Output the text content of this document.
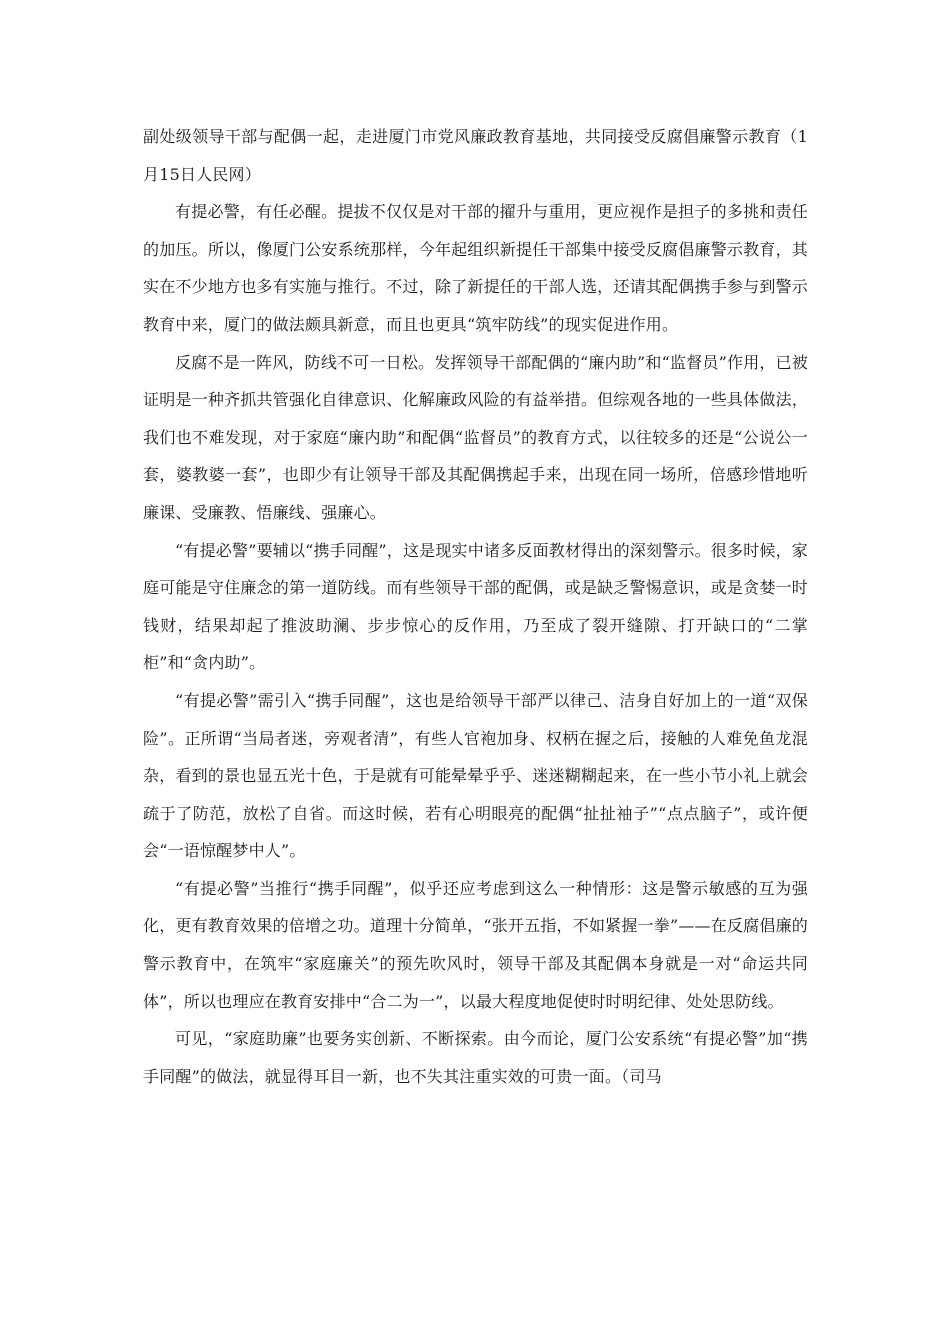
副处级领导干部与配偶一起，走进厦门市党风廉政教育基地，共同接受反腐倡廉警示教育（1月15日人民网）

有提必警，有任必醒。提拔不仅仅是对干部的擢升与重用，更应视作是担子的多挑和责任的加压。所以，像厦门公安系统那样，今年起组织新提任干部集中接受反腐倡廉警示教育，其实在不少地方也多有实施与推行。不过，除了新提任的干部人选，还请其配偶携手参与到警示教育中来，厦门的做法颇具新意，而且也更具“筑牢防线”的现实促进作用。

反腐不是一阵风，防线不可一日松。发挥领导干部配偶的“廉内助”和“监督员”作用，已被证明是一种齐抓共管强化自律意识、化解廉政风险的有益举措。但综观各地的一些具体做法，我们也不难发现，对于家庭“廉内助”和配偶“监督员”的教育方式，以往较多的还是“公说公一套，婆教婆一套”，也即少有让领导干部及其配偶携起手来，出现在同一场所，倍感珍惜地听廉课、受廉教、悟廉线、强廉心。

“有提必警”要辅以“携手同醒”，这是现实中诸多反面教材得出的深刻警示。很多时候，家庭可能是守住廉念的第一道防线。而有些领导干部的配偶，或是缺乏警惕意识，或是贪婪一时钱财，结果却起了推波助澜、步步惊心的反作用，乃至成了裂开缝隙、打开缺口的“二掌柜”和“贪内助”。

“有提必警”需引入“携手同醒”，这也是给领导干部严以律己、洁身自好加上的一道“双保险”。正所谓“当局者迷，旁观者清”，有些人官袍加身、权柄在握之后，接触的人难免鱼龙混杂，看到的景也显五光十色，于是就有可能晕晕乎乎、迷迷糊糊起来，在一些小节小礼上就会疏于了防范，放松了自省。而这时候，若有心明眼亮的配偶“扯扯袖子”“点点脑子”，或许便会“一语惊醒梦中人”。

“有提必警”当推行“携手同醒”，似乎还应考虑到这么一种情形：这是警示敏感的互为强化，更有教育效果的倍增之功。道理十分简单，“张开五指，不如紧握一拳”——在反腐倡廉的警示教育中，在筑牢“家庭廉关”的预先吹风时，领导干部及其配偶本身就是一对“命运共同体”，所以也理应在教育安排中“合二为一”，以最大程度地促使时时明纪律、处处思防线。

可见，“家庭助廉”也要务实创新、不断探索。由今而论，厦门公安系统“有提必警”加“携手同醒”的做法，就显得耳目一新，也不失其注重实效的可贵一面。（司马
